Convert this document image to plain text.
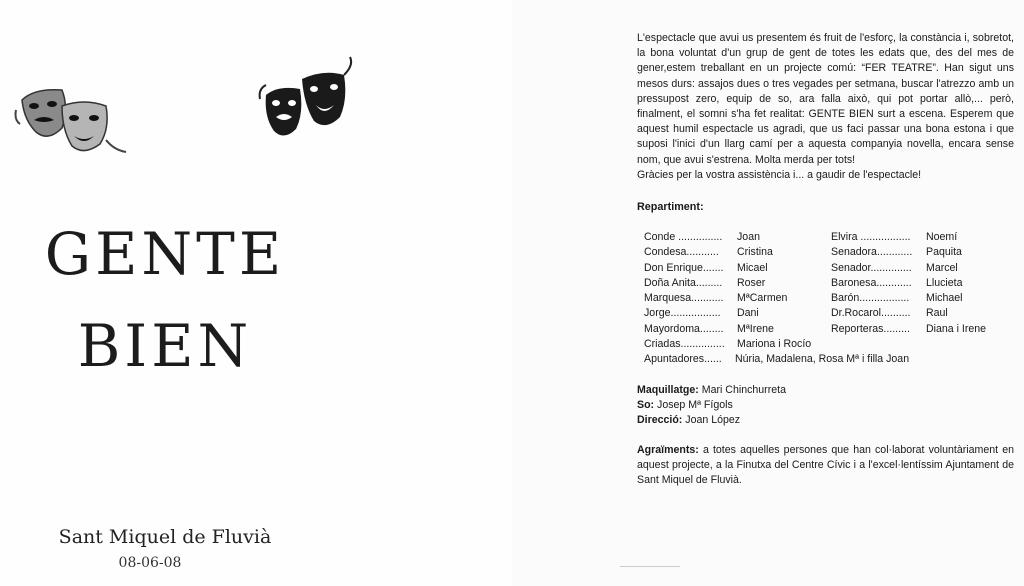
GENTE
BIEN
Sant Miquel de Fluvià
08-06-08

L'espectacle que avui us presentem és fruit de l'esforç, la constància i, sobretot, la bona voluntat d'un grup de gent de totes les edats que, des del mes de gener,estem treballant en un projecte comú: “FER TEATRE”. Han sigut uns mesos durs: assajos dues o tres vegades per setmana, buscar l'atrezzo amb un pressupost zero, equip de so, ara falla això, qui pot portar allò,... però, finalment, el somni s'ha fet realitat: GENTE BIEN surt a escena. Esperem que aquest humil espectacle us agradi, que us faci passar una bona estona i que suposi l'inici d'un llarg camí per a aquesta companyia novella, encara sense nom, que avui s'estrena. Molta merda per tots!

Gràcies per la vostra assistència i... a gaudir de l'espectacle!

Repartiment:
Conde ............... Joan	Elvira ................. Noemí
Condesa........... Cristina	Senadora............ Paquita
Don Enrique....... Micael	Senador.............. Marcel
Doña Anita......... Roser	Baronesa............ Llucieta
Marquesa........... MªCarmen	Barón................. Michael
Jorge................. Dani	Dr.Rocarol.......... Raul
Mayordoma........ MªIrene	Reporteras......... Diana i Irene
Criadas............... Mariona i Rocío
Apuntadores...... Núria, Madalena, Rosa Mª i filla Joan
Maquillatge: Mari Chinchurreta
So: Josep Mª Fígols
Direcció: Joan López
Agraïments: a totes aquelles persones que han col·laborat voluntàriament en aquest projecte, a la Finutxa del Centre Cívic i a l'excel·lentíssim Ajuntament de Sant Miquel de Fluvià.
